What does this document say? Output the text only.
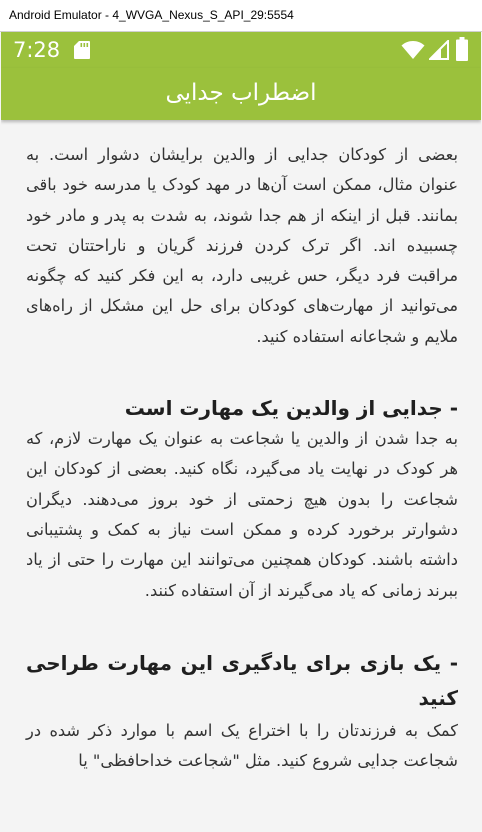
Android Emulator - 4_WVGA_Nexus_S_API_29:5554
7:28
اضطراب جدایی

بعضی از کودکان جدایی از والدین برایشان دشوار است. به عنوان مثال، ممکن است آن‌ها در مهد کودک یا مدرسه خود باقی بمانند. قبل از اینکه از هم جدا شوند، به شدت به پدر و مادر خود چسبیده اند. اگر ترک کردن فرزند گریان و ناراحتتان تحت مراقبت فرد دیگر، حس غریبی دارد، به این فکر کنید که چگونه می‌توانید از مهارت‌های کودکان برای حل این مشکل از راه‌های ملایم و شجاعانه استفاده کنید.

- جدایی از والدین یک مهارت است

به جدا شدن از والدین یا شجاعت به عنوان یک مهارت لازم، که هر کودک در نهایت یاد می‌گیرد، نگاه کنید. بعضی از کودکان این شجاعت را بدون هیچ زحمتی از خود بروز می‌دهند. دیگران دشوارتر برخورد کرده و ممکن است نیاز به کمک و پشتیبانی داشته باشند. کودکان همچنین می‌توانند این مهارت را حتی از یاد ببرند زمانی که یاد می‌گیرند از آن استفاده کنند.

- یک بازی برای یادگیری این مهارت طراحی کنید

کمک به فرزندتان را با اختراع یک اسم با موارد ذکر شده در شجاعت جدایی شروع کنید. مثل "شجاعت خداحافظی" یا
